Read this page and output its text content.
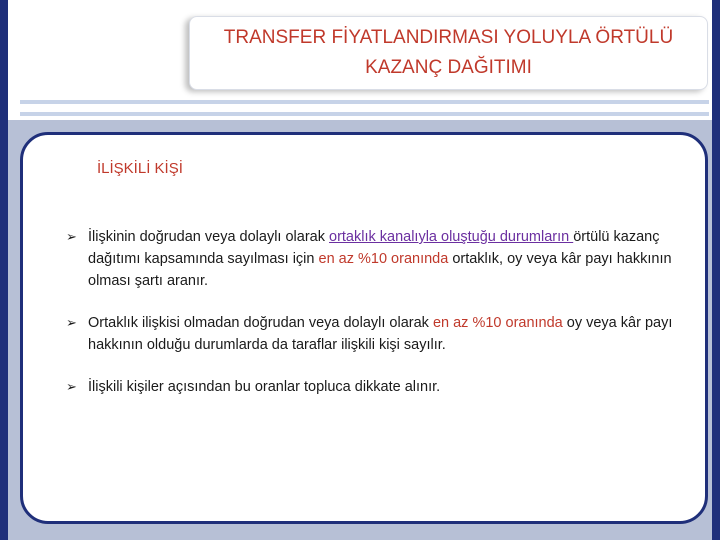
TRANSFER FİYATLANDIRMASI YOLUYLA ÖRTÜLÜ
KAZANÇ DAĞITIMI
İLİŞKİLİ KİŞİ
➢ İlişkinin doğrudan veya dolaylı olarak ortaklık kanalıyla oluştuğu durumların örtülü kazanç dağıtımı kapsamında sayılması için en az %10 oranında ortaklık, oy veya kâr payı hakkının olması şartı aranır.
➢ Ortaklık ilişkisi olmadan doğrudan veya dolaylı olarak en az %10 oranında oy veya kâr payı hakkının olduğu durumlarda da taraflar ilişkili kişi sayılır.
➢ İlişkili kişiler açısından bu oranlar topluca dikkate alınır.
